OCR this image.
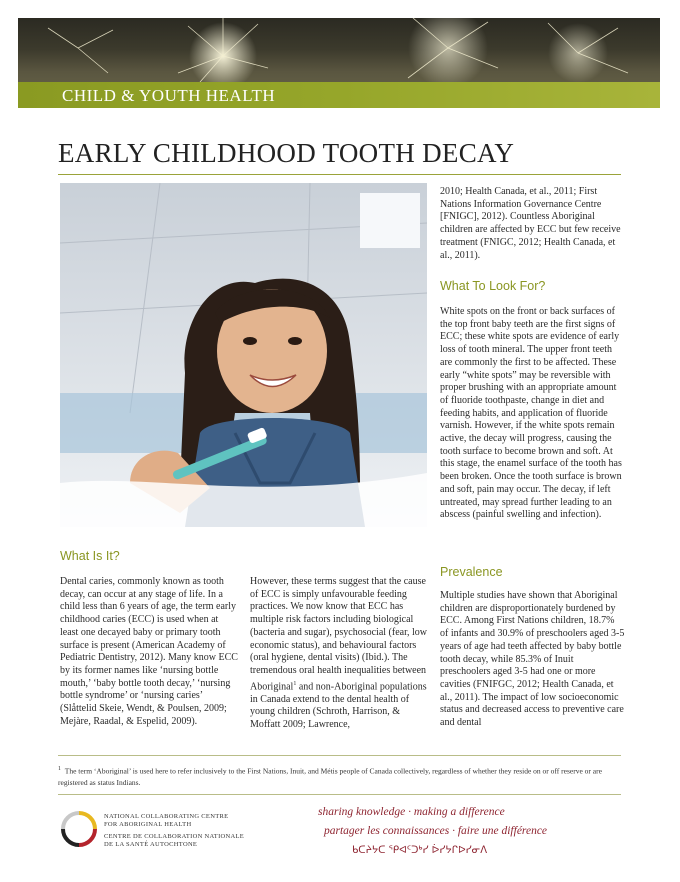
CHILD & YOUTH HEALTH
EARLY CHILDHOOD TOOTH DECAY

2010; Health Canada, et al., 2011; First Nations Information Governance Centre [FNIGC], 2012). Countless Aboriginal children are affected by ECC but few receive treatment (FNIGC, 2012; Health Canada, et al., 2011).

What To Look For?

White spots on the front or back surfaces of the top front baby teeth are the first signs of ECC; these white spots are evidence of early loss of tooth mineral. The upper front teeth are commonly the first to be affected. These early “white spots” may be reversible with proper brushing with an appropriate amount of fluoride toothpaste, change in diet and feeding habits, and application of fluoride varnish. However, if the white spots remain active, the decay will progress, causing the tooth surface to become brown and soft. At this stage, the enamel surface of the tooth has been broken. Once the tooth surface is brown and soft, pain may occur. The decay, if left untreated, may spread further leading to an abscess (painful swelling and infection).

Prevalence

Multiple studies have shown that Aboriginal children are disproportionately burdened by ECC. Among First Nations children, 18.7% of infants and 30.9% of preschoolers aged 3-5 years of age had teeth affected by baby bottle tooth decay, while 85.3% of Inuit preschoolers aged 3-5 had one or more cavities (FNIFGC, 2012; Health Canada, et al., 2011). The impact of low socioeconomic status and decreased access to preventive care and dental

What Is It?

Dental caries, commonly known as tooth decay, can occur at any stage of life. In a child less than 6 years of age, the term early childhood caries (ECC) is used when at least one decayed baby or primary tooth surface is present (American Academy of Pediatric Dentistry, 2012). Many know ECC by its former names like ‘nursing bottle mouth,’ ‘baby bottle tooth decay,’ ‘nursing bottle syndrome’ or ‘nursing caries’ (Slåttelid Skeie, Wendt, & Poulsen, 2009; Mejàre, Raadal, & Espelid, 2009).

However, these terms suggest that the cause of ECC is simply unfavourable feeding practices. We now know that ECC has multiple risk factors including biological (bacteria and sugar), psychosocial (fear, low economic status), and behavioural factors (oral hygiene, dental visits) (Ibid.). The tremendous oral health inequalities between Aboriginal$^1$ and non-Aboriginal populations in Canada extend to the dental health of young children (Schroth, Harrison, & Moffatt 2009; Lawrence,

$^1$ The term ‘Aboriginal’ is used here to refer inclusively to the First Nations, Inuit, and Métis people of Canada collectively, regardless of whether they reside on or off reserve or are registered as status Indians.
NATIONAL COLLABORATING CENTRE
FOR ABORIGINAL HEALTH
CENTRE DE COLLABORATION NATIONALE
DE LA SANTÉ AUTOCHTONE
sharing knowledge · making a difference
partager les connaissances · faire une différence
ᑲᑕᔨᔭᑕ ᕿᐊᑦᑐᒃᓯ ᐆᓯᔭᒋᐅᓯᓂᐱ
